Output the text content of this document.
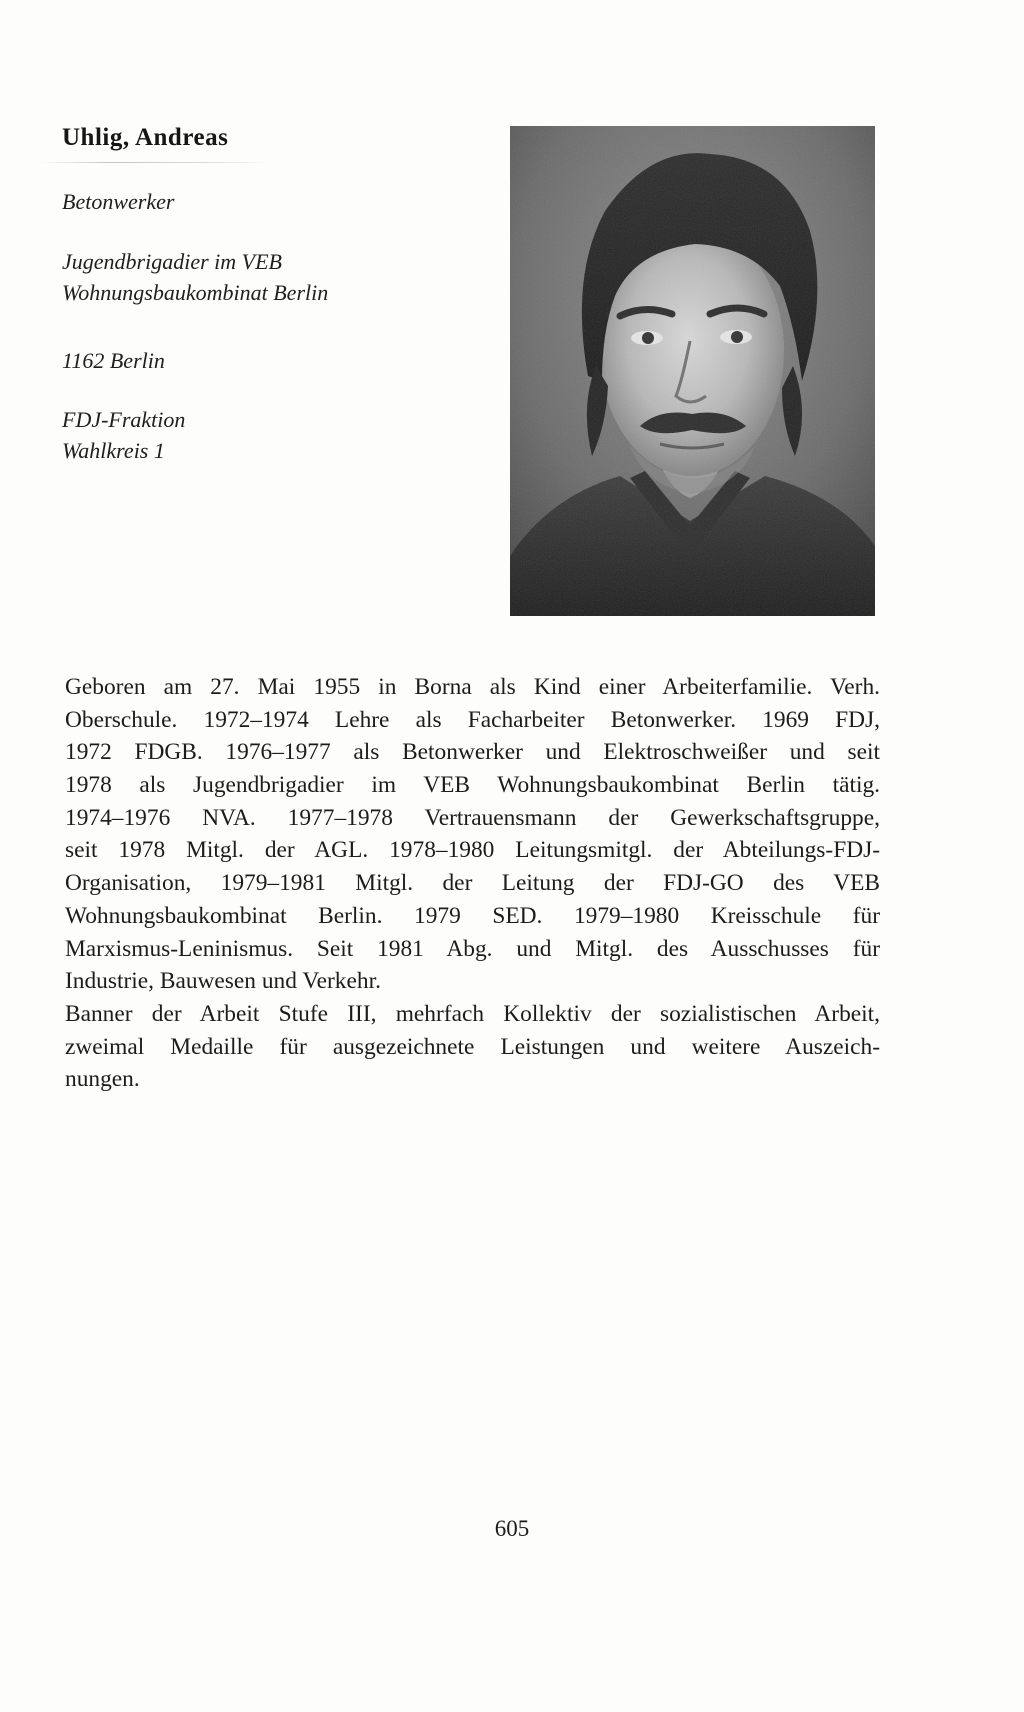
Uhlig, Andreas
Betonwerker
Jugendbrigadier im VEB
Wohnungsbaukombinat Berlin
1162 Berlin
FDJ-Fraktion
Wahlkreis 1
Geboren am 27. Mai 1955 in Borna als Kind einer Arbeiterfamilie. Verh.
Oberschule. 1972–1974 Lehre als Facharbeiter Betonwerker. 1969 FDJ,
1972 FDGB. 1976–1977 als Betonwerker und Elektroschweißer und seit
1978 als Jugendbrigadier im VEB Wohnungsbaukombinat Berlin tätig.
1974–1976 NVA. 1977–1978 Vertrauensmann der Gewerkschaftsgruppe,
seit 1978 Mitgl. der AGL. 1978–1980 Leitungsmitgl. der Abteilungs-FDJ-
Organisation, 1979–1981 Mitgl. der Leitung der FDJ-GO des VEB
Wohnungsbaukombinat Berlin. 1979 SED. 1979–1980 Kreisschule für
Marxismus-Leninismus. Seit 1981 Abg. und Mitgl. des Ausschusses für
Industrie, Bauwesen und Verkehr.
Banner der Arbeit Stufe III, mehrfach Kollektiv der sozialistischen Arbeit,
zweimal Medaille für ausgezeichnete Leistungen und weitere Auszeich-
nungen.
605
